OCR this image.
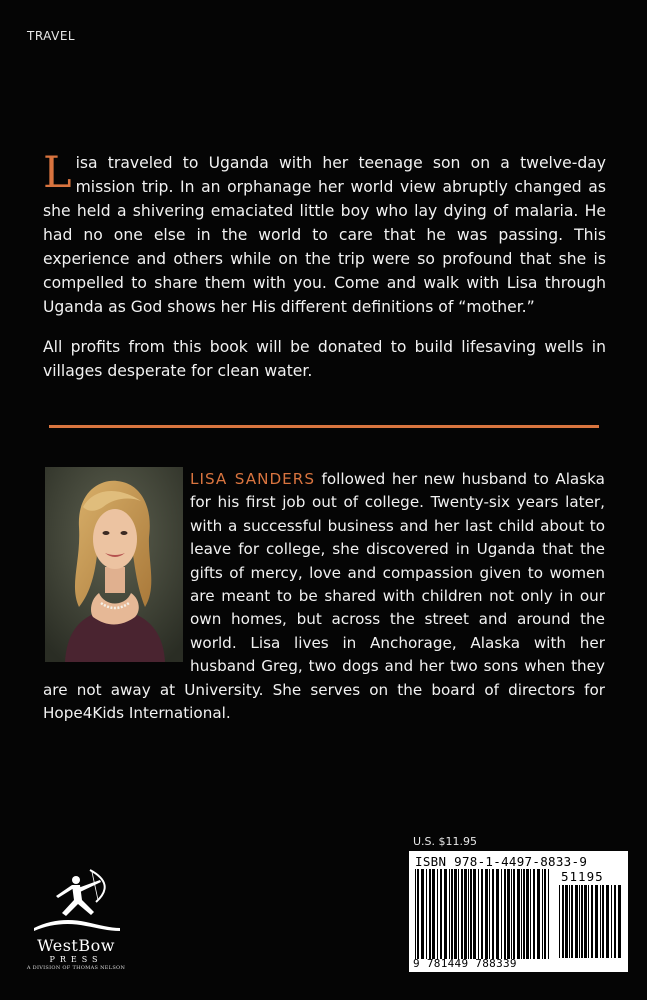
TRAVEL

Lisa traveled to Uganda with her teenage son on a twelve-day mission trip. In an orphanage her world view abruptly changed as she held a shivering emaciated little boy who lay dying of malaria. He had no one else in the world to care that he was passing. This experience and others while on the trip were so profound that she is compelled to share them with you. Come and walk with Lisa through Uganda as God shows her His different definitions of “mother.”

All profits from this book will be donated to build lifesaving wells in villages desperate for clean water.

LISA SANDERS followed her new husband to Alaska for his first job out of college. Twenty-six years later, with a successful business and her last child about to leave for college, she discovered in Uganda that the gifts of mercy, love and compassion given to women are meant to be shared with children not only in our own homes, but across the street and around the world. Lisa lives in Anchorage, Alaska with her husband Greg, two dogs and her two sons when they are not away at University. She serves on the board of directors for Hope4Kids International.
WestBow
PRESS
A DIVISION OF THOMAS NELSON
U.S. $11.95
ISBN 978-1-4497-8833-9
51195
9 781449 788339
